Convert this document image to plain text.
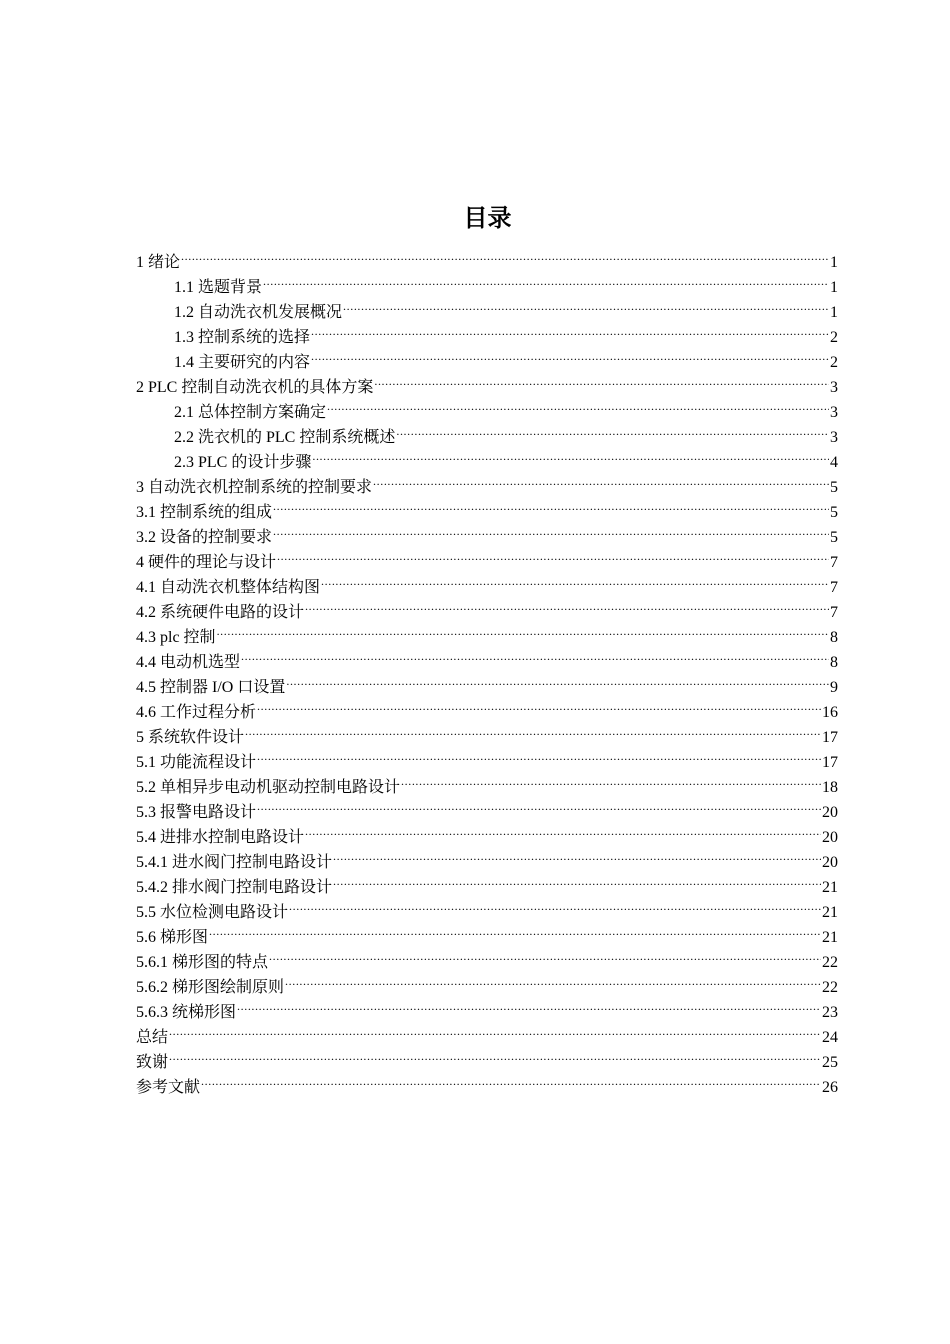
目录
1 绪论 .....	1
1.1 选题背景 .....	1
1.2 自动洗衣机发展概况 .....	1
1.3 控制系统的选择 .....	2
1.4 主要研究的内容 .....	2
2 PLC 控制自动洗衣机的具体方案 .....	3
2.1 总体控制方案确定 .....	3
2.2 洗衣机的 PLC 控制系统概述 .....	3
2.3 PLC 的设计步骤 .....	4
3 自动洗衣机控制系统的控制要求 .....	5
3.1 控制系统的组成 .....	5
3.2 设备的控制要求 .....	5
4 硬件的理论与设计 .....	7
4.1 自动洗衣机整体结构图 .....	7
4.2 系统硬件电路的设计 .....	7
4.3 plc 控制 .....	8
4.4 电动机选型 .....	8
4.5 控制器 I/O 口设置 .....	9
4.6 工作过程分析 .....	16
5 系统软件设计 .....	17
5.1 功能流程设计 .....	17
5.2 单相异步电动机驱动控制电路设计 .....	18
5.3 报警电路设计 .....	20
5.4 进排水控制电路设计 .....	20
5.4.1 进水阀门控制电路设计 .....	20
5.4.2 排水阀门控制电路设计 .....	21
5.5 水位检测电路设计 .....	21
5.6 梯形图 .....	21
5.6.1 梯形图的特点 .....	22
5.6.2 梯形图绘制原则 .....	22
5.6.3 统梯形图 .....	23
总结 .....	24
致谢 .....	25
参考文献 .....	26
